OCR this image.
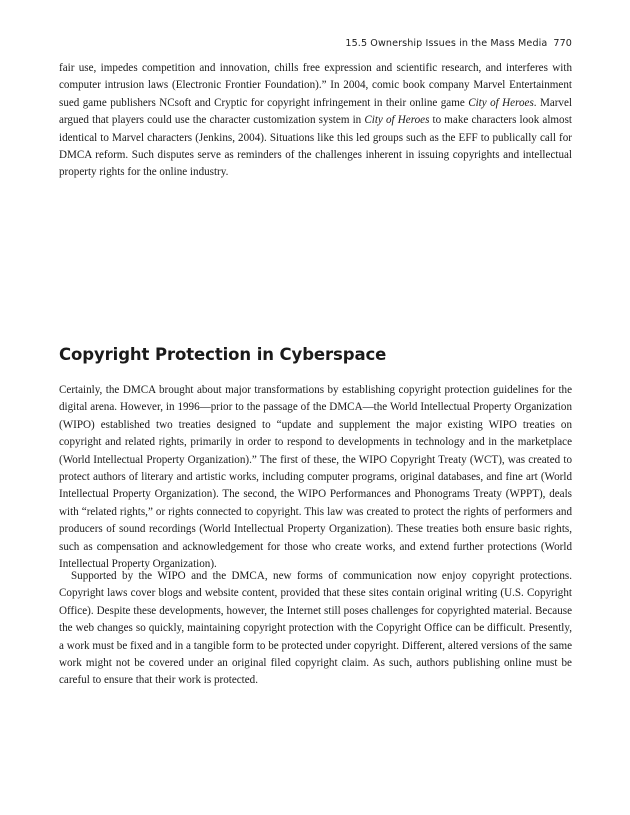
15.5 Ownership Issues in the Mass Media 770

fair use, impedes competition and innovation, chills free expression and scientific research, and interferes with computer intrusion laws (Electronic Frontier Foundation).” In 2004, comic book company Marvel Entertainment sued game publishers NCsoft and Cryptic for copyright infringement in their online game City of Heroes. Marvel argued that players could use the character customization system in City of Heroes to make characters look almost identical to Marvel characters (Jenkins, 2004). Situations like this led groups such as the EFF to publically call for DMCA reform. Such disputes serve as reminders of the challenges inherent in issuing copyrights and intellectual property rights for the online industry.

Copyright Protection in Cyberspace

Certainly, the DMCA brought about major transformations by establishing copyright protection guidelines for the digital arena. However, in 1996—prior to the passage of the DMCA—the World Intellectual Property Organization (WIPO) established two treaties designed to “update and supplement the major existing WIPO treaties on copyright and related rights, primarily in order to respond to developments in technology and in the marketplace (World Intellectual Property Organization).” The first of these, the WIPO Copyright Treaty (WCT), was created to protect authors of literary and artistic works, including computer programs, original databases, and fine art (World Intellectual Property Organization). The second, the WIPO Performances and Phonograms Treaty (WPPT), deals with “related rights,” or rights connected to copyright. This law was created to protect the rights of performers and producers of sound recordings (World Intellectual Property Organization). These treaties both ensure basic rights, such as compensation and acknowledgement for those who create works, and extend further protections (World Intellectual Property Organization).

Supported by the WIPO and the DMCA, new forms of communication now enjoy copyright protections. Copyright laws cover blogs and website content, provided that these sites contain original writing (U.S. Copyright Office). Despite these developments, however, the Internet still poses challenges for copyrighted material. Because the web changes so quickly, maintaining copyright protection with the Copyright Office can be difficult. Presently, a work must be fixed and in a tangible form to be protected under copyright. Different, altered versions of the same work might not be covered under an original filed copyright claim. As such, authors publishing online must be careful to ensure that their work is protected.
